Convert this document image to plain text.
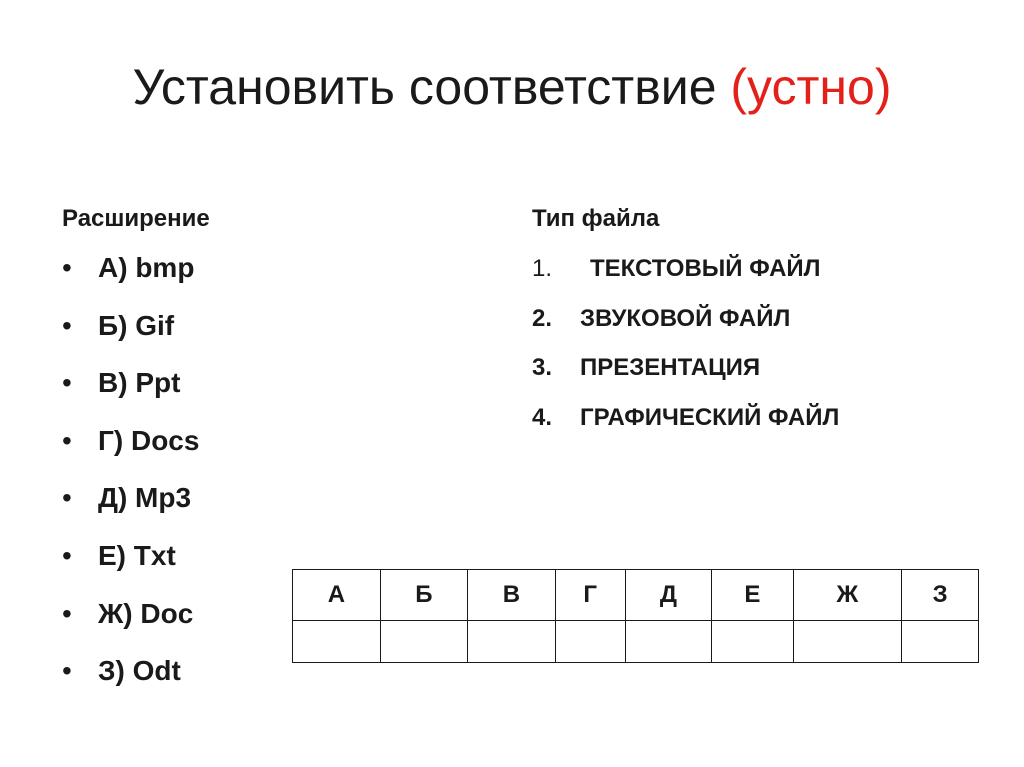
Установить соответствие (устно)
Расширение	Тип файла
• А) bmp
• Б) Gif
• В) Ppt
• Г) Docs
• Д) Mp3
• Е) Txt
• Ж) Doc
• З) Odt
1.	ТЕКСТОВЫЙ ФАЙЛ
2.	ЗВУКОВОЙ ФАЙЛ
3.	ПРЕЗЕНТАЦИЯ
4.	ГРАФИЧЕСКИЙ ФАЙЛ
А	Б	В	Г	Д	Е	Ж	З
